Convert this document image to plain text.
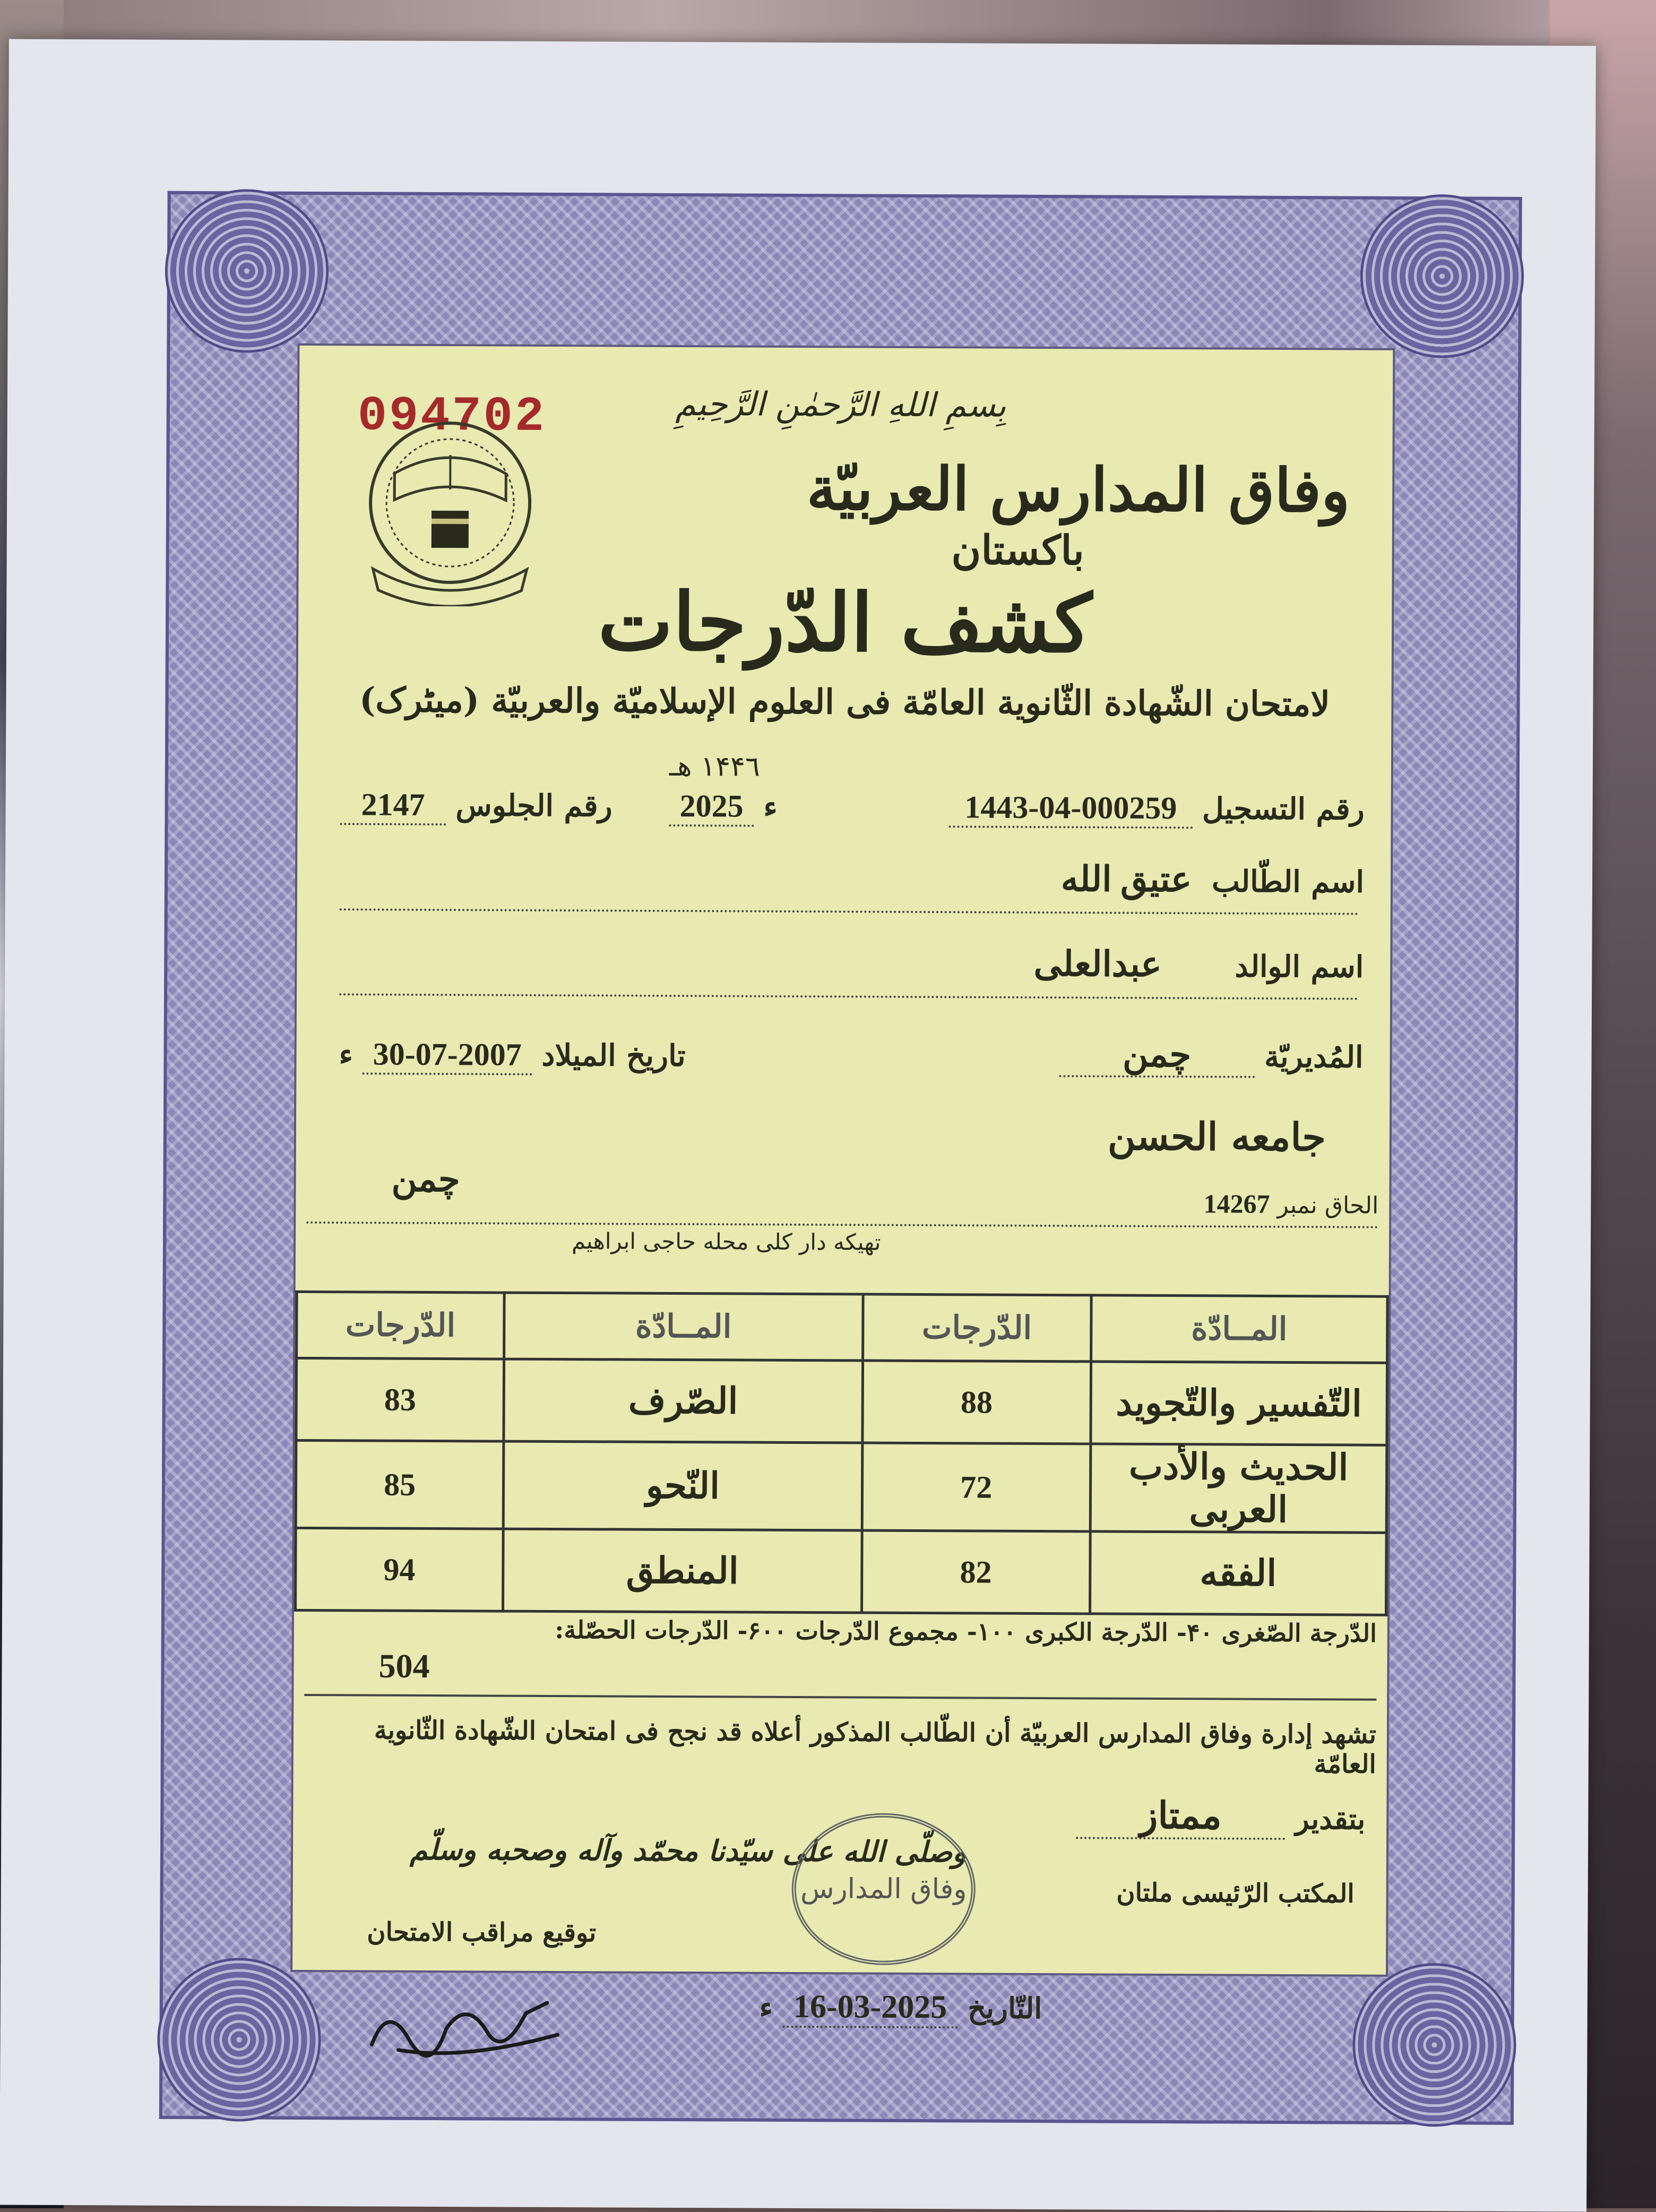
094702	بِسمِ اللهِ الرَّحمٰنِ الرَّحِیمِ
وفاق المدارس العربيّة
باكستان
کشف الدّرجات
لامتحان الشّهادة الثّانویة العامّة فی العلوم الإسلامیّة والعربیّة (میٹرک)
رقم التسجیل 1443-04-000259
۱۴۴٦ هـ
ء 2025
رقم الجلوس 2147
اسم الطّالب عتیق الله
اسم الوالد عبدالعلی
المُدیریّة چمن
تاریخ المیلاد 30-07-2007 ء
جامعه الحسن
چمن
الحاق نمبر 14267
تهیكه دار كلی محله حاجی ابراهیم
المــادّة	الدّرجات	المــادّة	الدّرجات
التّفسیر والتّجوید	88	الصّرف	83
الحدیث والأدب العربی	72	النّحو	85
الفقه	82	المنطق	94
الدّرجة الصّغرى ۴۰- الدّرجة الكبرى ۱۰۰- مجموع الدّرجات ۶۰۰- الدّرجات الحصّلة:
504
تشهد إدارة وفاق المدارس العربیّة أن الطّالب المذكور أعلاه قد نجح فی امتحان الشّهادة الثّانویة العامّة
بتقدیر ممتاز
وصلّى الله على سیّدنا محمّد وآله وصحبه وسلّم
المكتب الرّئیسی ملتان
وفاق المدارس
توقیع مراقب الامتحان
التّاریخ 16-03-2025 ء
